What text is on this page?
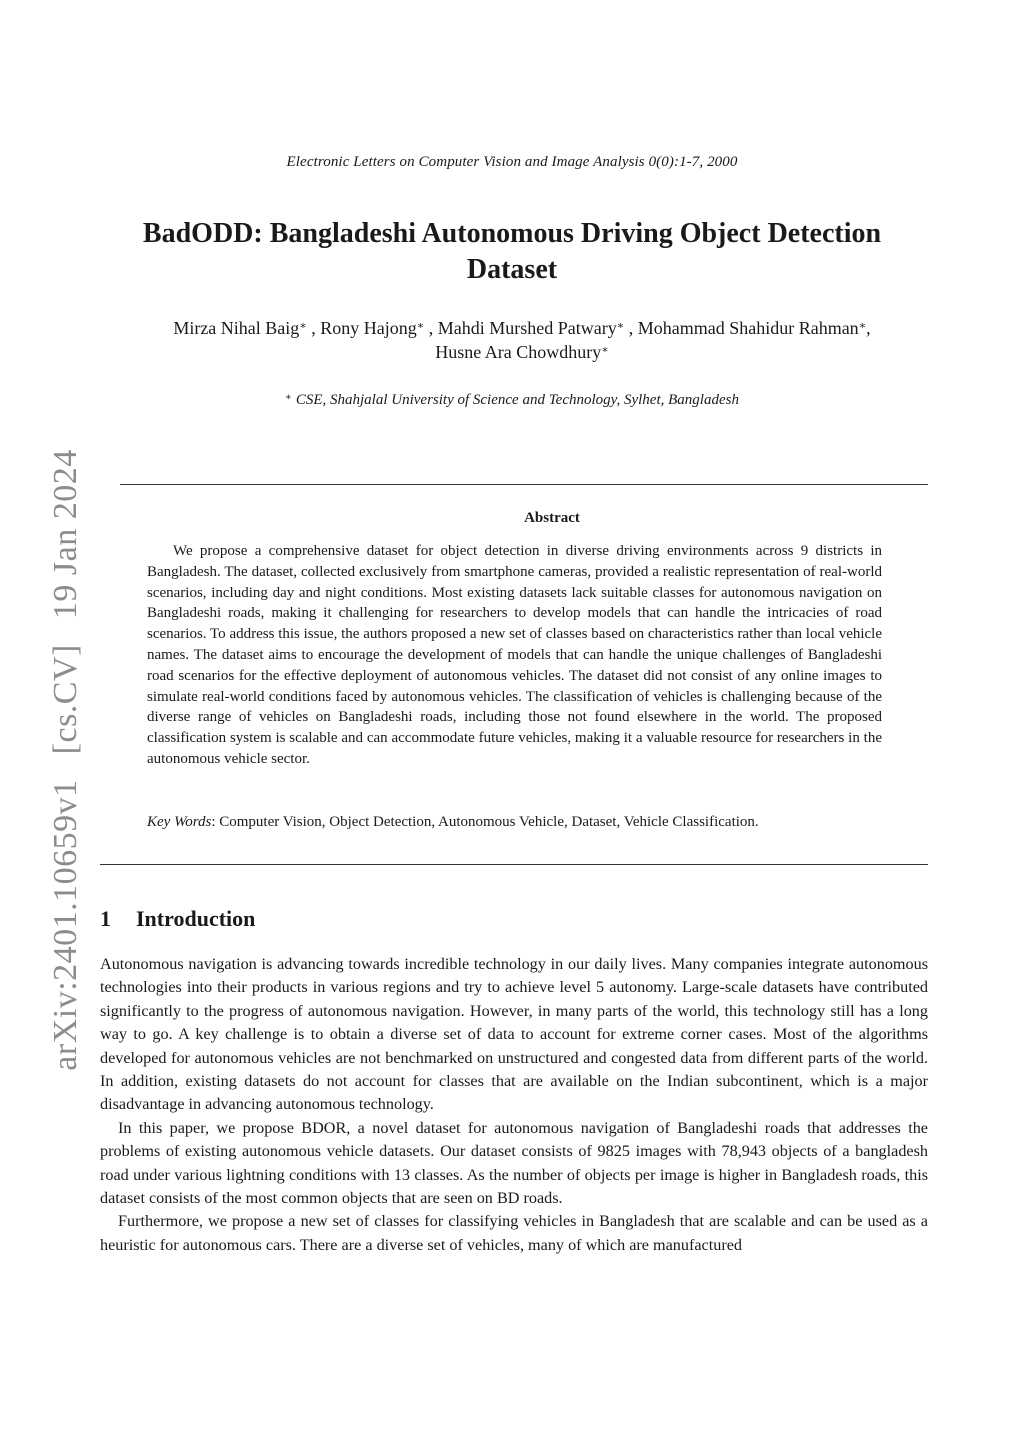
arXiv:2401.10659v1 [cs.CV] 19 Jan 2024
Electronic Letters on Computer Vision and Image Analysis 0(0):1-7, 2000
BadODD: Bangladeshi Autonomous Driving Object Detection Dataset
Mirza Nihal Baig∗ , Rony Hajong∗ , Mahdi Murshed Patwary∗ , Mohammad Shahidur Rahman∗,
Husne Ara Chowdhury∗
∗ CSE, Shahjalal University of Science and Technology, Sylhet, Bangladesh
Abstract
We propose a comprehensive dataset for object detection in diverse driving environments across 9 districts in Bangladesh. The dataset, collected exclusively from smartphone cameras, provided a realistic representation of real-world scenarios, including day and night conditions. Most existing datasets lack suitable classes for autonomous navigation on Bangladeshi roads, making it challenging for researchers to develop models that can handle the intricacies of road scenarios. To address this issue, the authors proposed a new set of classes based on characteristics rather than local vehicle names. The dataset aims to encourage the development of models that can handle the unique challenges of Bangladeshi road scenarios for the effective deployment of autonomous vehicles. The dataset did not consist of any online images to simulate real-world conditions faced by autonomous vehicles. The classification of vehicles is challenging because of the diverse range of vehicles on Bangladeshi roads, including those not found elsewhere in the world. The proposed classification system is scalable and can accommodate future vehicles, making it a valuable resource for researchers in the autonomous vehicle sector.
Key Words: Computer Vision, Object Detection, Autonomous Vehicle, Dataset, Vehicle Classification.
1 Introduction

Autonomous navigation is advancing towards incredible technology in our daily lives. Many companies integrate autonomous technologies into their products in various regions and try to achieve level 5 autonomy. Large-scale datasets have contributed significantly to the progress of autonomous navigation. However, in many parts of the world, this technology still has a long way to go. A key challenge is to obtain a diverse set of data to account for extreme corner cases. Most of the algorithms developed for autonomous vehicles are not benchmarked on unstructured and congested data from different parts of the world. In addition, existing datasets do not account for classes that are available on the Indian subcontinent, which is a major disadvantage in advancing autonomous technology.

In this paper, we propose BDOR, a novel dataset for autonomous navigation of Bangladeshi roads that addresses the problems of existing autonomous vehicle datasets. Our dataset consists of 9825 images with 78,943 objects of a bangladesh road under various lightning conditions with 13 classes. As the number of objects per image is higher in Bangladesh roads, this dataset consists of the most common objects that are seen on BD roads.

Furthermore, we propose a new set of classes for classifying vehicles in Bangladesh that are scalable and can be used as a heuristic for autonomous cars. There are a diverse set of vehicles, many of which are manufactured
